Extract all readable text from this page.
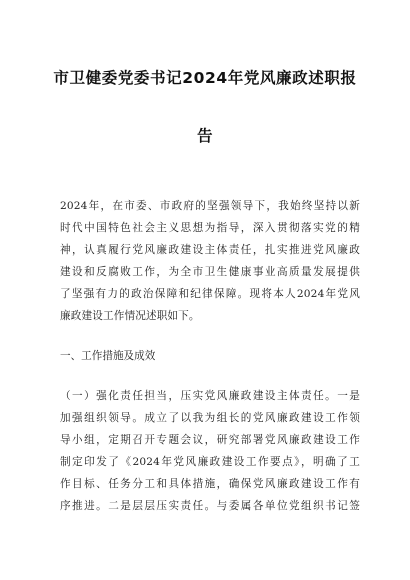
市卫健委党委书记2024年党风廉政述职报
告
2024年，在市委、市政府的坚强领导下，我始终坚持以新
时代中国特色社会主义思想为指导，深入贯彻落实党的精
神，认真履行党风廉政建设主体责任，扎实推进党风廉政
建设和反腐败工作，为全市卫生健康事业高质量发展提供
了坚强有力的政治保障和纪律保障。现将本人2024年党风
廉政建设工作情况述职如下。
一、工作措施及成效
（一）强化责任担当，压实党风廉政建设主体责任。一是
加强组织领导。成立了以我为组长的党风廉政建设工作领
导小组，定期召开专题会议，研究部署党风廉政建设工作
制定印发了《2024年党风廉政建设工作要点》，明确了工
作目标、任务分工和具体措施，确保党风廉政建设工作有
序推进。二是层层压实责任。与委属各单位党组织书记签
